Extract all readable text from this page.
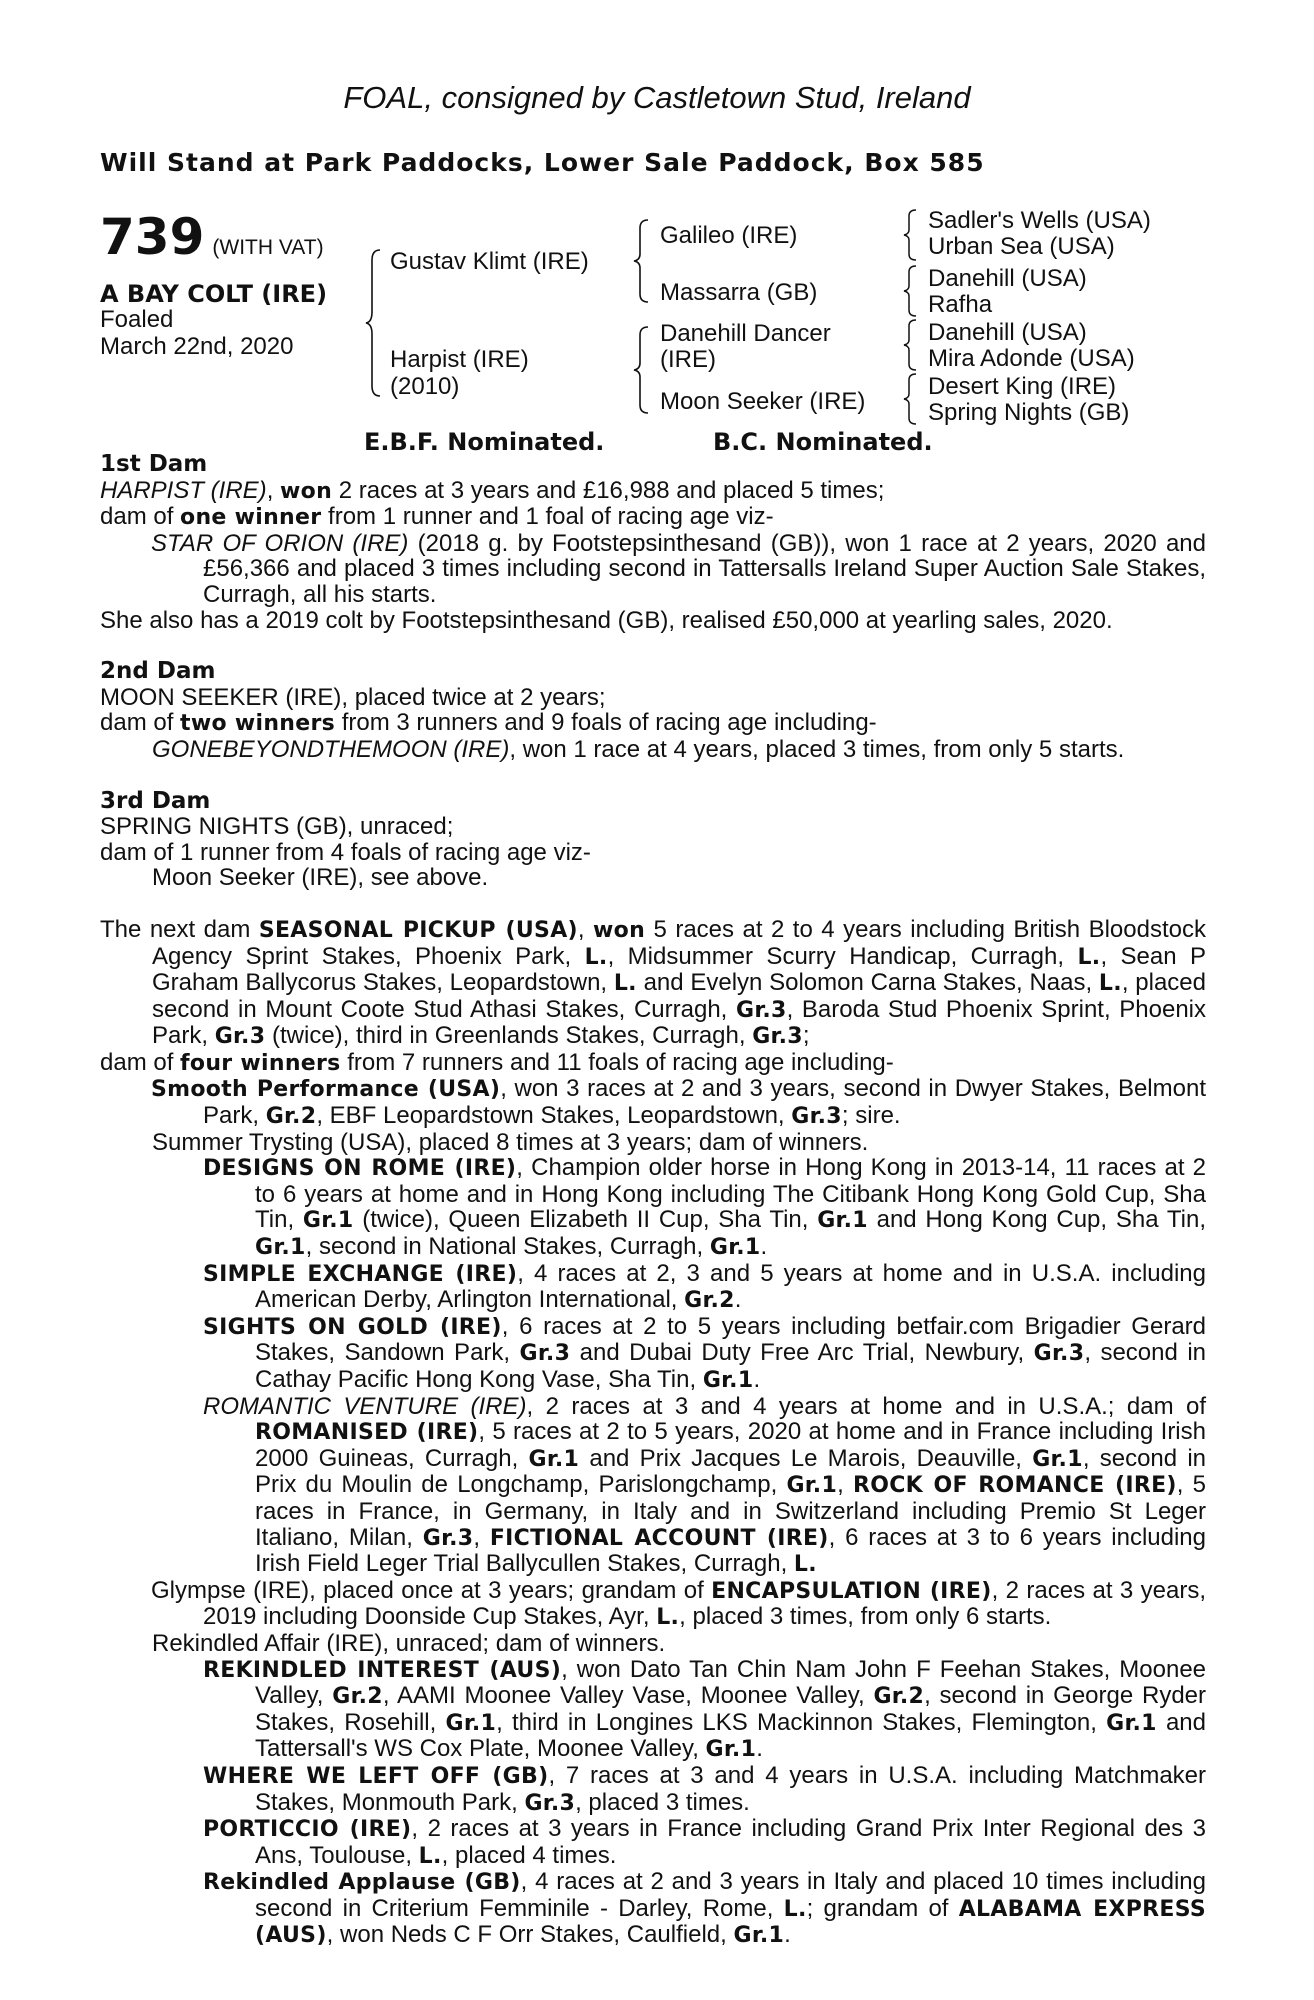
FOAL, consigned by Castletown Stud, Ireland
Will Stand at Park Paddocks, Lower Sale Paddock, Box 585
739 (WITH VAT)
A BAY COLT (IRE)
Foaled
March 22nd, 2020
Gustav Klimt (IRE)
Harpist (IRE)
(2010)
Galileo (IRE)
Massarra (GB)
Danehill Dancer
(IRE)
Moon Seeker (IRE)
Sadler's Wells (USA)
Urban Sea (USA)
Danehill (USA)
Rafha
Danehill (USA)
Mira Adonde (USA)
Desert King (IRE)
Spring Nights (GB)
E.B.F. Nominated.	B.C. Nominated.

1st Dam

HARPIST (IRE), won 2 races at 3 years and £16,988 and placed 5 times;

dam of one winner from 1 runner and 1 foal of racing age viz-

STAR OF ORION (IRE) (2018 g. by Footstepsinthesand (GB)), won 1 race at 2 years, 2020 and £56,366 and placed 3 times including second in Tattersalls Ireland Super Auction Sale Stakes, Curragh, all his starts.

She also has a 2019 colt by Footstepsinthesand (GB), realised £50,000 at yearling sales, 2020.

2nd Dam

MOON SEEKER (IRE), placed twice at 2 years;

dam of two winners from 3 runners and 9 foals of racing age including-

GONEBEYONDTHEMOON (IRE), won 1 race at 4 years, placed 3 times, from only 5 starts.

3rd Dam

SPRING NIGHTS (GB), unraced;

dam of 1 runner from 4 foals of racing age viz-

Moon Seeker (IRE), see above.

The next dam SEASONAL PICKUP (USA), won 5 races at 2 to 4 years including British Bloodstock Agency Sprint Stakes, Phoenix Park, L., Midsummer Scurry Handicap, Curragh, L., Sean P Graham Ballycorus Stakes, Leopardstown, L. and Evelyn Solomon Carna Stakes, Naas, L., placed second in Mount Coote Stud Athasi Stakes, Curragh, Gr.3, Baroda Stud Phoenix Sprint, Phoenix Park, Gr.3 (twice), third in Greenlands Stakes, Curragh, Gr.3;

dam of four winners from 7 runners and 11 foals of racing age including-

Smooth Performance (USA), won 3 races at 2 and 3 years, second in Dwyer Stakes, Belmont Park, Gr.2, EBF Leopardstown Stakes, Leopardstown, Gr.3; sire.

Summer Trysting (USA), placed 8 times at 3 years; dam of winners.

DESIGNS ON ROME (IRE), Champion older horse in Hong Kong in 2013-14, 11 races at 2 to 6 years at home and in Hong Kong including The Citibank Hong Kong Gold Cup, Sha Tin, Gr.1 (twice), Queen Elizabeth II Cup, Sha Tin, Gr.1 and Hong Kong Cup, Sha Tin, Gr.1, second in National Stakes, Curragh, Gr.1.

SIMPLE EXCHANGE (IRE), 4 races at 2, 3 and 5 years at home and in U.S.A. including American Derby, Arlington International, Gr.2.

SIGHTS ON GOLD (IRE), 6 races at 2 to 5 years including betfair.com Brigadier Gerard Stakes, Sandown Park, Gr.3 and Dubai Duty Free Arc Trial, Newbury, Gr.3, second in Cathay Pacific Hong Kong Vase, Sha Tin, Gr.1.

ROMANTIC VENTURE (IRE), 2 races at 3 and 4 years at home and in U.S.A.; dam of ROMANISED (IRE), 5 races at 2 to 5 years, 2020 at home and in France including Irish 2000 Guineas, Curragh, Gr.1 and Prix Jacques Le Marois, Deauville, Gr.1, second in Prix du Moulin de Longchamp, Parislongchamp, Gr.1, ROCK OF ROMANCE (IRE), 5 races in France, in Germany, in Italy and in Switzerland including Premio St Leger Italiano, Milan, Gr.3, FICTIONAL ACCOUNT (IRE), 6 races at 3 to 6 years including Irish Field Leger Trial Ballycullen Stakes, Curragh, L.

Glympse (IRE), placed once at 3 years; grandam of ENCAPSULATION (IRE), 2 races at 3 years, 2019 including Doonside Cup Stakes, Ayr, L., placed 3 times, from only 6 starts.

Rekindled Affair (IRE), unraced; dam of winners.

REKINDLED INTEREST (AUS), won Dato Tan Chin Nam John F Feehan Stakes, Moonee Valley, Gr.2, AAMI Moonee Valley Vase, Moonee Valley, Gr.2, second in George Ryder Stakes, Rosehill, Gr.1, third in Longines LKS Mackinnon Stakes, Flemington, Gr.1 and Tattersall's WS Cox Plate, Moonee Valley, Gr.1.

WHERE WE LEFT OFF (GB), 7 races at 3 and 4 years in U.S.A. including Matchmaker Stakes, Monmouth Park, Gr.3, placed 3 times.

PORTICCIO (IRE), 2 races at 3 years in France including Grand Prix Inter Regional des 3 Ans, Toulouse, L., placed 4 times.

Rekindled Applause (GB), 4 races at 2 and 3 years in Italy and placed 10 times including second in Criterium Femminile - Darley, Rome, L.; grandam of ALABAMA EXPRESS (AUS), won Neds C F Orr Stakes, Caulfield, Gr.1.
